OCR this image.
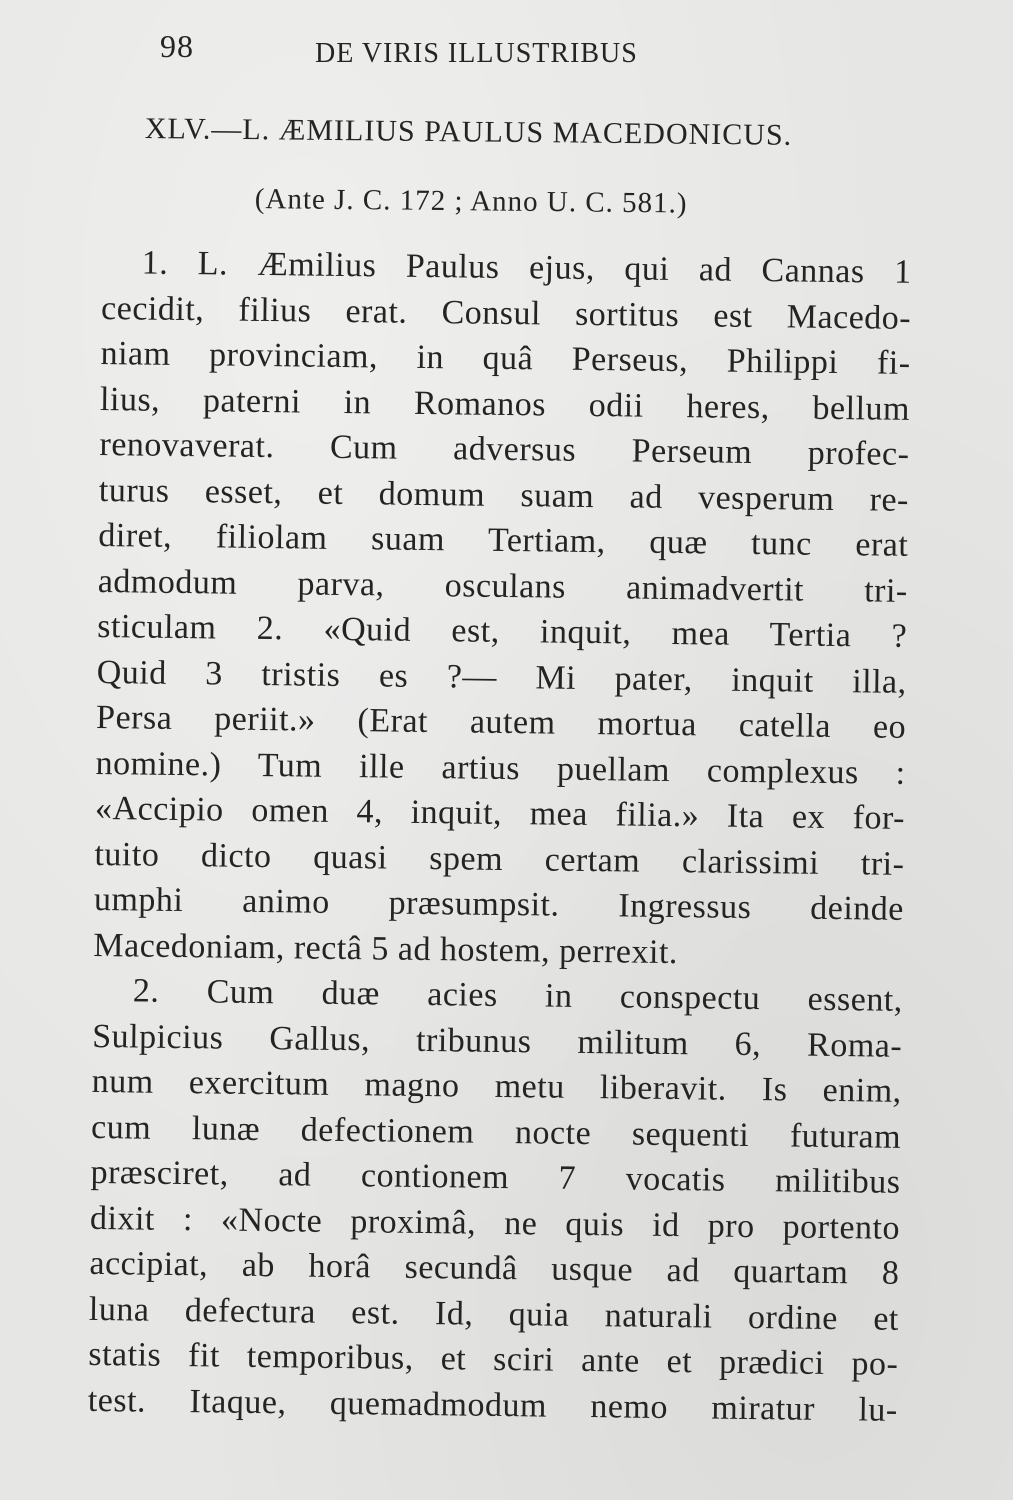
98	DE VIRIS ILLUSTRIBUS
XLV.—L. ÆMILIUS PAULUS MACEDONICUS.
(Ante J. C. 172 ; Anno U. C. 581.)
1. L. Æmilius Paulus ejus, qui ad Cannas 1
cecidit, filius erat. Consul sortitus est Macedo-
niam provinciam, in quâ Perseus, Philippi fi-
lius, paterni in Romanos odii heres, bellum
renovaverat. Cum adversus Perseum profec-
turus esset, et domum suam ad vesperum re-
diret, filiolam suam Tertiam, quæ tunc erat
admodum parva, osculans animadvertit tri-
sticulam 2. «Quid est, inquit, mea Tertia ?
Quid 3 tristis es ?— Mi pater, inquit illa,
Persa periit.» (Erat autem mortua catella eo
nomine.) Tum ille artius puellam complexus :
«Accipio omen 4, inquit, mea filia.» Ita ex for-
tuito dicto quasi spem certam clarissimi tri-
umphi animo præsumpsit. Ingressus deinde
Macedoniam, rectâ 5 ad hostem, perrexit.
2. Cum duæ acies in conspectu essent,
Sulpicius Gallus, tribunus militum 6, Roma-
num exercitum magno metu liberavit. Is enim,
cum lunæ defectionem nocte sequenti futuram
præsciret, ad contionem 7 vocatis militibus
dixit : «Nocte proximâ, ne quis id pro portento
accipiat, ab horâ secundâ usque ad quartam 8
luna defectura est. Id, quia naturali ordine et
statis fit temporibus, et sciri ante et prædici po-
test. Itaque, quemadmodum nemo miratur lu-
